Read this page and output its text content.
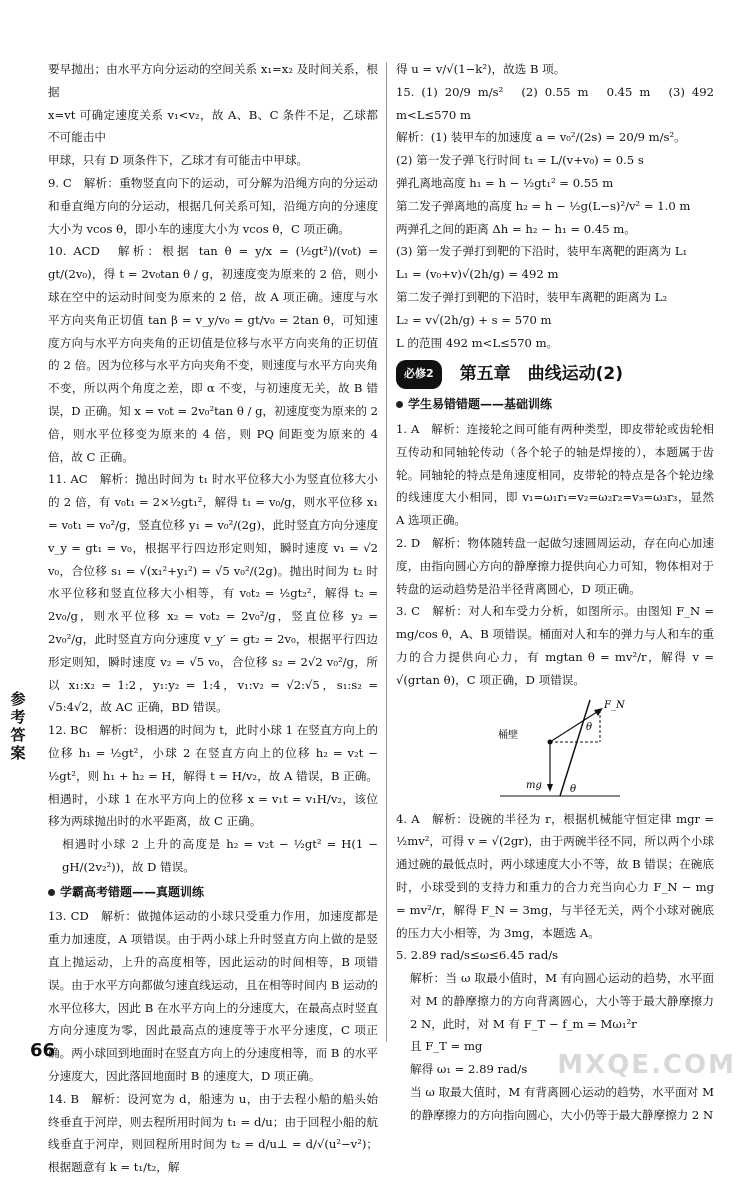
要早抛出；由水平方向分运动的空间关系 x₁=x₂ 及时间关系，根据

x=vt 可确定速度关系 v₁<v₂，故 A、B、C 条件不足，乙球都不可能击中

甲球，只有 D 项条件下，乙球才有可能击中甲球。

9. C　解析：重物竖直向下的运动，可分解为沿绳方向的分运动和垂直绳方向的分运动，根据几何关系可知，沿绳方向的分速度大小为 vcos θ，即小车的速度大小为 vcos θ，C 项正确。

10. ACD　解析：根据 tan θ = y/x = (½gt²)/(v₀t) = gt/(2v₀)，得 t = 2v₀tan θ / g，初速度变为原来的 2 倍，则小球在空中的运动时间变为原来的 2 倍，故 A 项正确。速度与水平方向夹角正切值 tan β = v_y/v₀ = gt/v₀ = 2tan θ，可知速度方向与水平方向夹角的正切值是位移与水平方向夹角的正切值的 2 倍。因为位移与水平方向夹角不变，则速度与水平方向夹角不变，所以两个角度之差，即 α 不变，与初速度无关，故 B 错误，D 正确。知 x = v₀t = 2v₀²tan θ / g，初速度变为原来的 2 倍，则水平位移变为原来的 4 倍，则 PQ 间距变为原来的 4 倍，故 C 正确。

11. AC　解析：抛出时间为 t₁ 时水平位移大小为竖直位移大小的 2 倍，有 v₀t₁ = 2×½gt₁²，解得 t₁ = v₀/g，则水平位移 x₁ = v₀t₁ = v₀²/g，竖直位移 y₁ = v₀²/(2g)，此时竖直方向分速度 v_y = gt₁ = v₀，根据平行四边形定则知，瞬时速度 v₁ = √2 v₀，合位移 s₁ = √(x₁²+y₁²) = √5 v₀²/(2g)。抛出时间为 t₂ 时水平位移和竖直位移大小相等，有 v₀t₂ = ½gt₂²，解得 t₂ = 2v₀/g，则水平位移 x₂ = v₀t₂ = 2v₀²/g，竖直位移 y₂ = 2v₀²/g，此时竖直方向分速度 v_y′ = gt₂ = 2v₀，根据平行四边形定则知，瞬时速度 v₂ = √5 v₀，合位移 s₂ = 2√2 v₀²/g，所以 x₁:x₂ = 1:2，y₁:y₂ = 1:4，v₁:v₂ = √2:√5，s₁:s₂ = √5:4√2，故 AC 正确，BD 错误。

12. BC　解析：设相遇的时间为 t，此时小球 1 在竖直方向上的位移 h₁ = ½gt²，小球 2 在竖直方向上的位移 h₂ = v₂t − ½gt²，则 h₁ + h₂ = H，解得 t = H/v₂，故 A 错误，B 正确。相遇时，小球 1 在水平方向上的位移 x = v₁t = v₁H/v₂，该位移为两球抛出时的水平距离，故 C 正确。

相遇时小球 2 上升的高度是 h₂ = v₂t − ½gt² = H(1 − gH/(2v₂²))，故 D 错误。

学霸高考错题——真题训练

13. CD　解析：做抛体运动的小球只受重力作用，加速度都是重力加速度，A 项错误。由于两小球上升时竖直方向上做的是竖直上抛运动，上升的高度相等，因此运动的时间相等，B 项错误。由于水平方向都做匀速直线运动，且在相等时间内 B 运动的水平位移大，因此 B 在水平方向上的分速度大，在最高点时竖直方向分速度为零，因此最高点的速度等于水平分速度，C 项正确。两小球回到地面时在竖直方向上的分速度相等，而 B 的水平分速度大，因此落回地面时 B 的速度大，D 项正确。

14. B　解析：设河宽为 d，船速为 u，由于去程小船的船头始终垂直于河岸，则去程所用时间为 t₁ = d/u；由于回程小船的航线垂直于河岸，则回程所用时间为 t₂ = d/u⊥ = d/√(u²−v²)；根据题意有 k = t₁/t₂，解

得 u = v/√(1−k²)，故选 B 项。

15. (1) 20/9 m/s²　(2) 0.55 m　0.45 m　(3) 492 m<L≤570 m

解析：(1) 装甲车的加速度 a = v₀²/(2s) = 20/9 m/s²。

(2) 第一发子弹飞行时间 t₁ = L/(v+v₀) = 0.5 s

弹孔离地高度 h₁ = h − ½gt₁² = 0.55 m

第二发子弹离地的高度 h₂ = h − ½g(L−s)²/v² = 1.0 m

两弹孔之间的距离 Δh = h₂ − h₁ = 0.45 m。

(3) 第一发子弹打到靶的下沿时，装甲车离靶的距离为 L₁

L₁ = (v₀+v)√(2h/g) = 492 m

第二发子弹打到靶的下沿时，装甲车离靶的距离为 L₂

L₂ = v√(2h/g) + s = 570 m

L 的范围 492 m<L≤570 m。

必修2	第五章　曲线运动(2)
学生易错错题——基础训练

1. A　解析：连接轮之间可能有两种类型，即皮带轮或齿轮相互传动和同轴轮传动（各个轮子的轴是焊接的），本题属于齿轮。同轴轮的特点是角速度相同，皮带轮的特点是各个轮边缘的线速度大小相同，即 v₁=ω₁r₁=v₂=ω₂r₂=v₃=ω₃r₃，显然 A 选项正确。

2. D　解析：物体随转盘一起做匀速圆周运动，存在向心加速度，由指向圆心方向的静摩擦力提供向心力可知，物体相对于转盘的运动趋势是沿半径背离圆心，D 项正确。

3. C　解析：对人和车受力分析，如图所示。由图知 F_N = mg/cos θ，A、B 项错误。桶面对人和车的弹力与人和车的重力的合力提供向心力，有 mgtan θ = mv²/r，解得 v = √(grtan θ)，C 项正确，D 项错误。

桶壁
F_N
mg
θ
θ

4. A　解析：设碗的半径为 r，根据机械能守恒定律 mgr = ½mv²，可得 v = √(2gr)，由于两碗半径不同，所以两个小球通过碗的最低点时，两小球速度大小不等，故 B 错误；在碗底时，小球受到的支持力和重力的合力充当向心力 F_N − mg = mv²/r，解得 F_N = 3mg，与半径无关，两个小球对碗底的压力大小相等，为 3mg，本题选 A。

5. 2.89 rad/s≤ω≤6.45 rad/s

解析：当 ω 取最小值时，M 有向圆心运动的趋势，水平面对 M 的静摩擦力的方向背离圆心，大小等于最大静摩擦力 2 N，此时，对 M 有 F_T − f_m = Mω₁²r

且 F_T = mg

解得 ω₁ = 2.89 rad/s

当 ω 取最大值时，M 有背离圆心运动的趋势，水平面对 M 的静摩擦力的方向指向圆心，大小仍等于最大静摩擦力 2 N

参考答案
66	MXQE.COM
